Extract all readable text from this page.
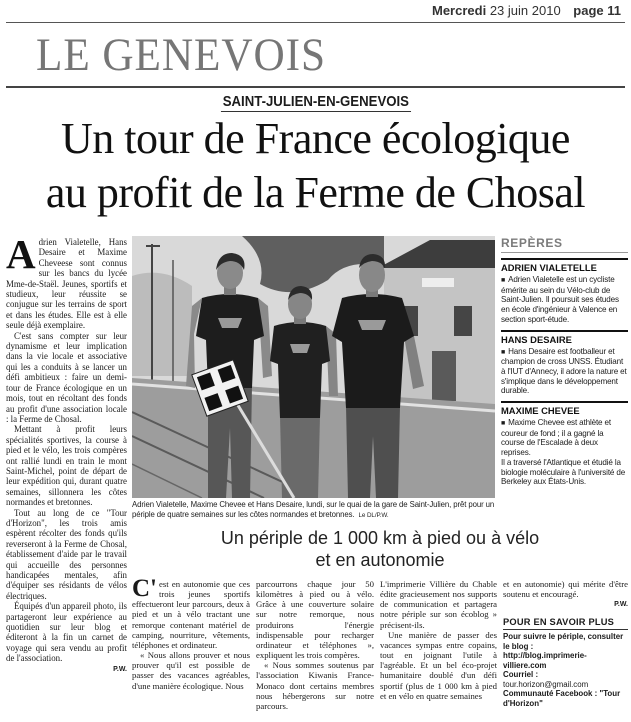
Mercredi 23 juin 2010 page 11
LE GENEVOIS
SAINT-JULIEN-EN-GENEVOIS
Un tour de France écologique
au profit de la Ferme de Chosal

Adrien Vialetelle, Hans Desaire et Maxime Cheveese sont connus sur les bancs du lycée Mme-de-Staël. Jeunes, sportifs et studieux, leur réussite se conjugue sur les terrains de sport et dans les études. Elle est à elle seule déjà exemplaire.

C'est sans compter sur leur dynamisme et leur implication dans la vie locale et associative qui les a conduits à se lancer un défi ambitieux : faire un demi-tour de France écologique en un mois, tout en récoltant des fonds au profit d'une association locale : la Ferme de Chosal.

Mettant à profit leurs spécialités sportives, la course à pied et le vélo, les trois compères ont rallié lundi en train le mont Saint-Michel, point de départ de leur expédition qui, durant quatre semaines, sillonnera les côtes normandes et bretonnes.

Tout au long de ce "Tour d'Horizon", les trois amis espèrent récolter des fonds qu'ils reverseront à la Ferme de Chosal, établissement d'aide par le travail qui accueille des personnes handicapées mentales, afin d'équiper ses résidants de vélos électriques.

Équipés d'un appareil photo, ils partageront leur expérience au quotidien sur leur blog et éditeront à la fin un carnet de voyage qui sera vendu au profit de l'association.

P.W.
Adrien Vialetelle, Maxime Chevee et Hans Desaire, lundi, sur le quai de la gare de Saint-Julien, prêt pour un périple de quatre semaines sur les côtes normandes et bretonnes. Le DL/P.W.
Un périple de 1 000 km à pied ou à vélo
et en autonomie

C'est en autonomie que ces trois jeunes sportifs effectueront leur parcours, deux à pied et un à vélo tractant une remorque contenant matériel de camping, nourriture, vêtements, téléphones et ordinateur.

« Nous allons prouver et nous prouver qu'il est possible de passer des vacances agréables, d'une manière écologique. Nous

parcourrons chaque jour 50 kilomètres à pied ou à vélo. Grâce à une couverture solaire sur notre remorque, nous produirons l'énergie indispensable pour recharger ordinateur et téléphones », expliquent les trois compères.

« Nous sommes soutenus par l'association Kiwanis France-Monaco dont certains membres nous hébergerons sur notre parcours.

L'imprimerie Villière du Chable édite gracieusement nos supports de communication et partagera notre périple sur son écoblog » précisent-ils.

Une manière de passer des vacances sympas entre copains, tout en joignant l'utile à l'agréable. Et un bel éco-projet humanitaire doublé d'un défi sportif (plus de 1 000 km à pied et en vélo en quatre semaines

et en autonomie) qui mérite d'être soutenu et encouragé.

P.W.
POUR EN SAVOIR PLUS
Pour suivre le périple, consulter le blog :
http://blog.imprimerie-villiere.com
Courriel :
tour.horizon@gmail.com
Communauté Facebook : "Tour d'Horizon"
REPÈRES
ADRIEN VIALETELLE

■ Adrien Vialetelle est un cycliste émérite au sein du Vélo-club de Saint-Julien. Il poursuit ses études en école d'ingénieur à Valence en section sport-étude.

HANS DESAIRE

■ Hans Desaire est footballeur et champion de cross UNSS. Étudiant à l'IUT d'Annecy, il adore la nature et s'implique dans le développement durable.

MAXIME CHEVEE

■ Maxime Chevee est athlète et coureur de fond ; il a gagné la course de l'Escalade à deux reprises.

Il a traversé l'Atlantique et étudié la biologie moléculaire à l'université de Berkeley aux États-Unis.
